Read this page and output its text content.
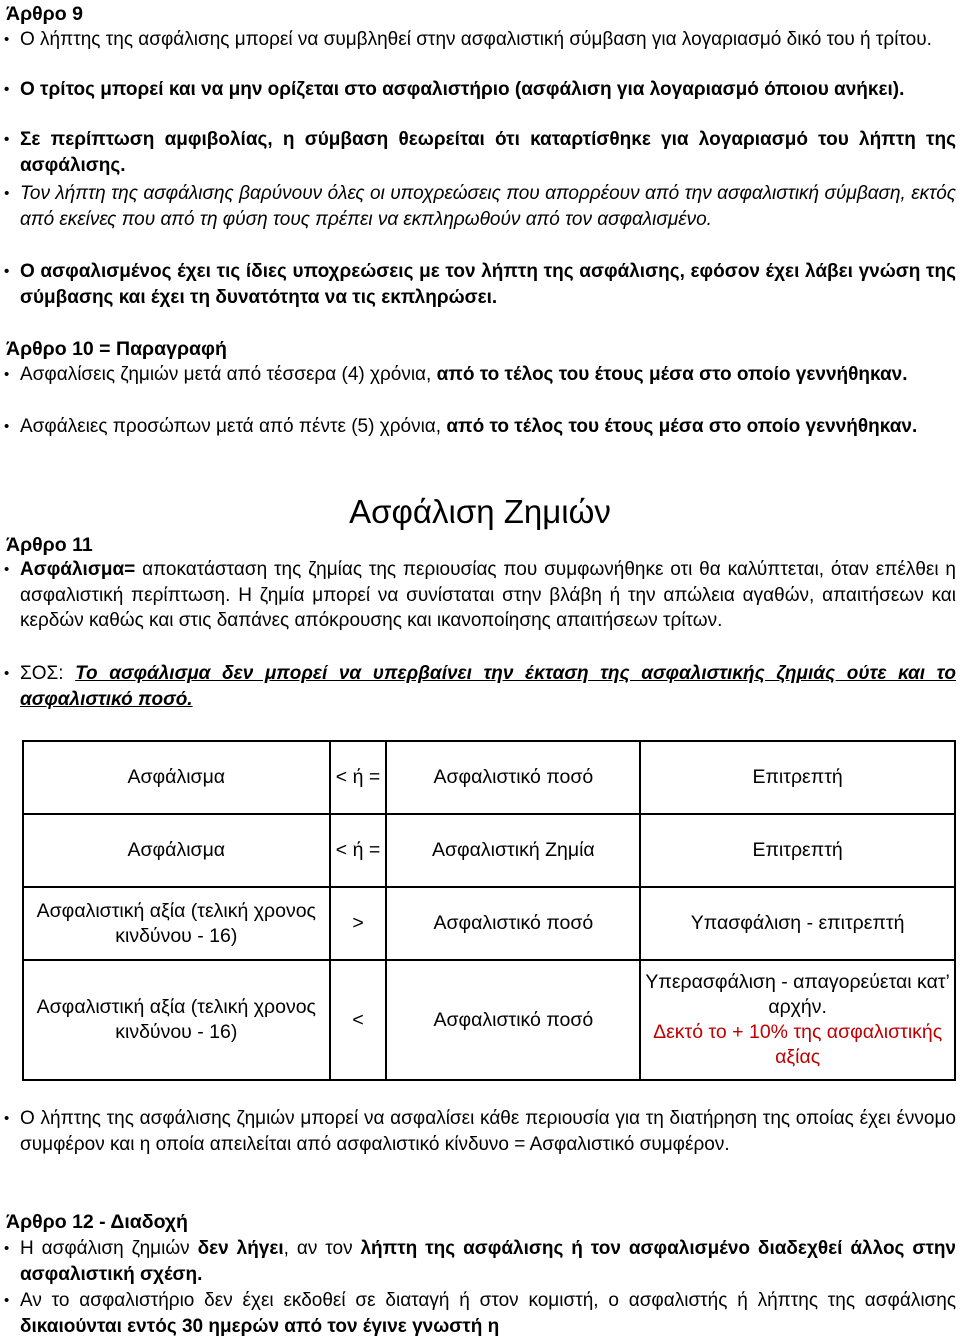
Άρθρο 9

• Ο λήπτης της ασφάλισης μπορεί να συμβληθεί στην ασφαλιστική σύμβαση για λογαριασμό δικό του ή τρίτου.

• Ο τρίτος μπορεί και να μην ορίζεται στο ασφαλιστήριο (ασφάλιση για λογαριασμό όποιου ανήκει).

• Σε περίπτωση αμφιβολίας, η σύμβαση θεωρείται ότι καταρτίσθηκε για λογαριασμό του λήπτη της ασφάλισης.

• Τον λήπτη της ασφάλισης βαρύνουν όλες οι υποχρεώσεις που απορρέουν από την ασφαλιστική σύμβαση, εκτός από εκείνες που από τη φύση τους πρέπει να εκπληρωθούν από τον ασφαλισμένο.

• Ο ασφαλισμένος έχει τις ίδιες υποχρεώσεις με τον λήπτη της ασφάλισης, εφόσον έχει λάβει γνώση της σύμβασης και έχει τη δυνατότητα να τις εκπληρώσει.

Άρθρο 10 = Παραγραφή

• Ασφαλίσεις ζημιών μετά από τέσσερα (4) χρόνια, από το τέλος του έτους μέσα στο οποίο γεννήθηκαν.

• Ασφάλειες προσώπων μετά από πέντε (5) χρόνια, από το τέλος του έτους μέσα στο οποίο γεννήθηκαν.

Ασφάλιση Ζημιών
Άρθρο 11

• Ασφάλισμα= αποκατάσταση της ζημίας της περιουσίας που συμφωνήθηκε οτι θα καλύπτεται, όταν επέλθει η ασφαλιστική περίπτωση. Η ζημία μπορεί να συνίσταται στην βλάβη ή την απώλεια αγαθών, απαιτήσεων και κερδών καθώς και στις δαπάνες απόκρουσης και ικανοποίησης απαιτήσεων τρίτων.

• ΣΟΣ: Το ασφάλισμα δεν μπορεί να υπερβαίνει την έκταση της ασφαλιστικής ζημιάς ούτε και το ασφαλιστικό ποσό.

Ασφάλισμα	< ή =	Ασφαλιστικό ποσό	Επιτρεπτή
Ασφάλισμα	< ή =	Ασφαλιστική Ζημία	Επιτρεπτή
Ασφαλιστική αξία (τελική χρονος κινδύνου - 16)	>	Ασφαλιστικό ποσό	Υπασφάλιση - επιτρεπτή
Ασφαλιστική αξία (τελική χρονος κινδύνου - 16)	<	Ασφαλιστικό ποσό	Υπερασφάλιση - απαγορεύεται κατ’ αρχήν.
Δεκτό το + 10% της ασφαλιστικής αξίας

• Ο λήπτης της ασφάλισης ζημιών μπορεί να ασφαλίσει κάθε περιουσία για τη διατήρηση της οποίας έχει έννομο συμφέρον και η οποία απειλείται από ασφαλιστικό κίνδυνο = Ασφαλιστικό συμφέρον.

Άρθρο 12 - Διαδοχή

• Η ασφάλιση ζημιών δεν λήγει, αν τον λήπτη της ασφάλισης ή τον ασφαλισμένο διαδεχθεί άλλος στην ασφαλιστική σχέση.

• Αν το ασφαλιστήριο δεν έχει εκδοθεί σε διαταγή ή στον κομιστή, ο ασφαλιστής ή λήπτης της ασφάλισης δικαιούνται εντός 30 ημερών από τον έγινε γνωστή η
